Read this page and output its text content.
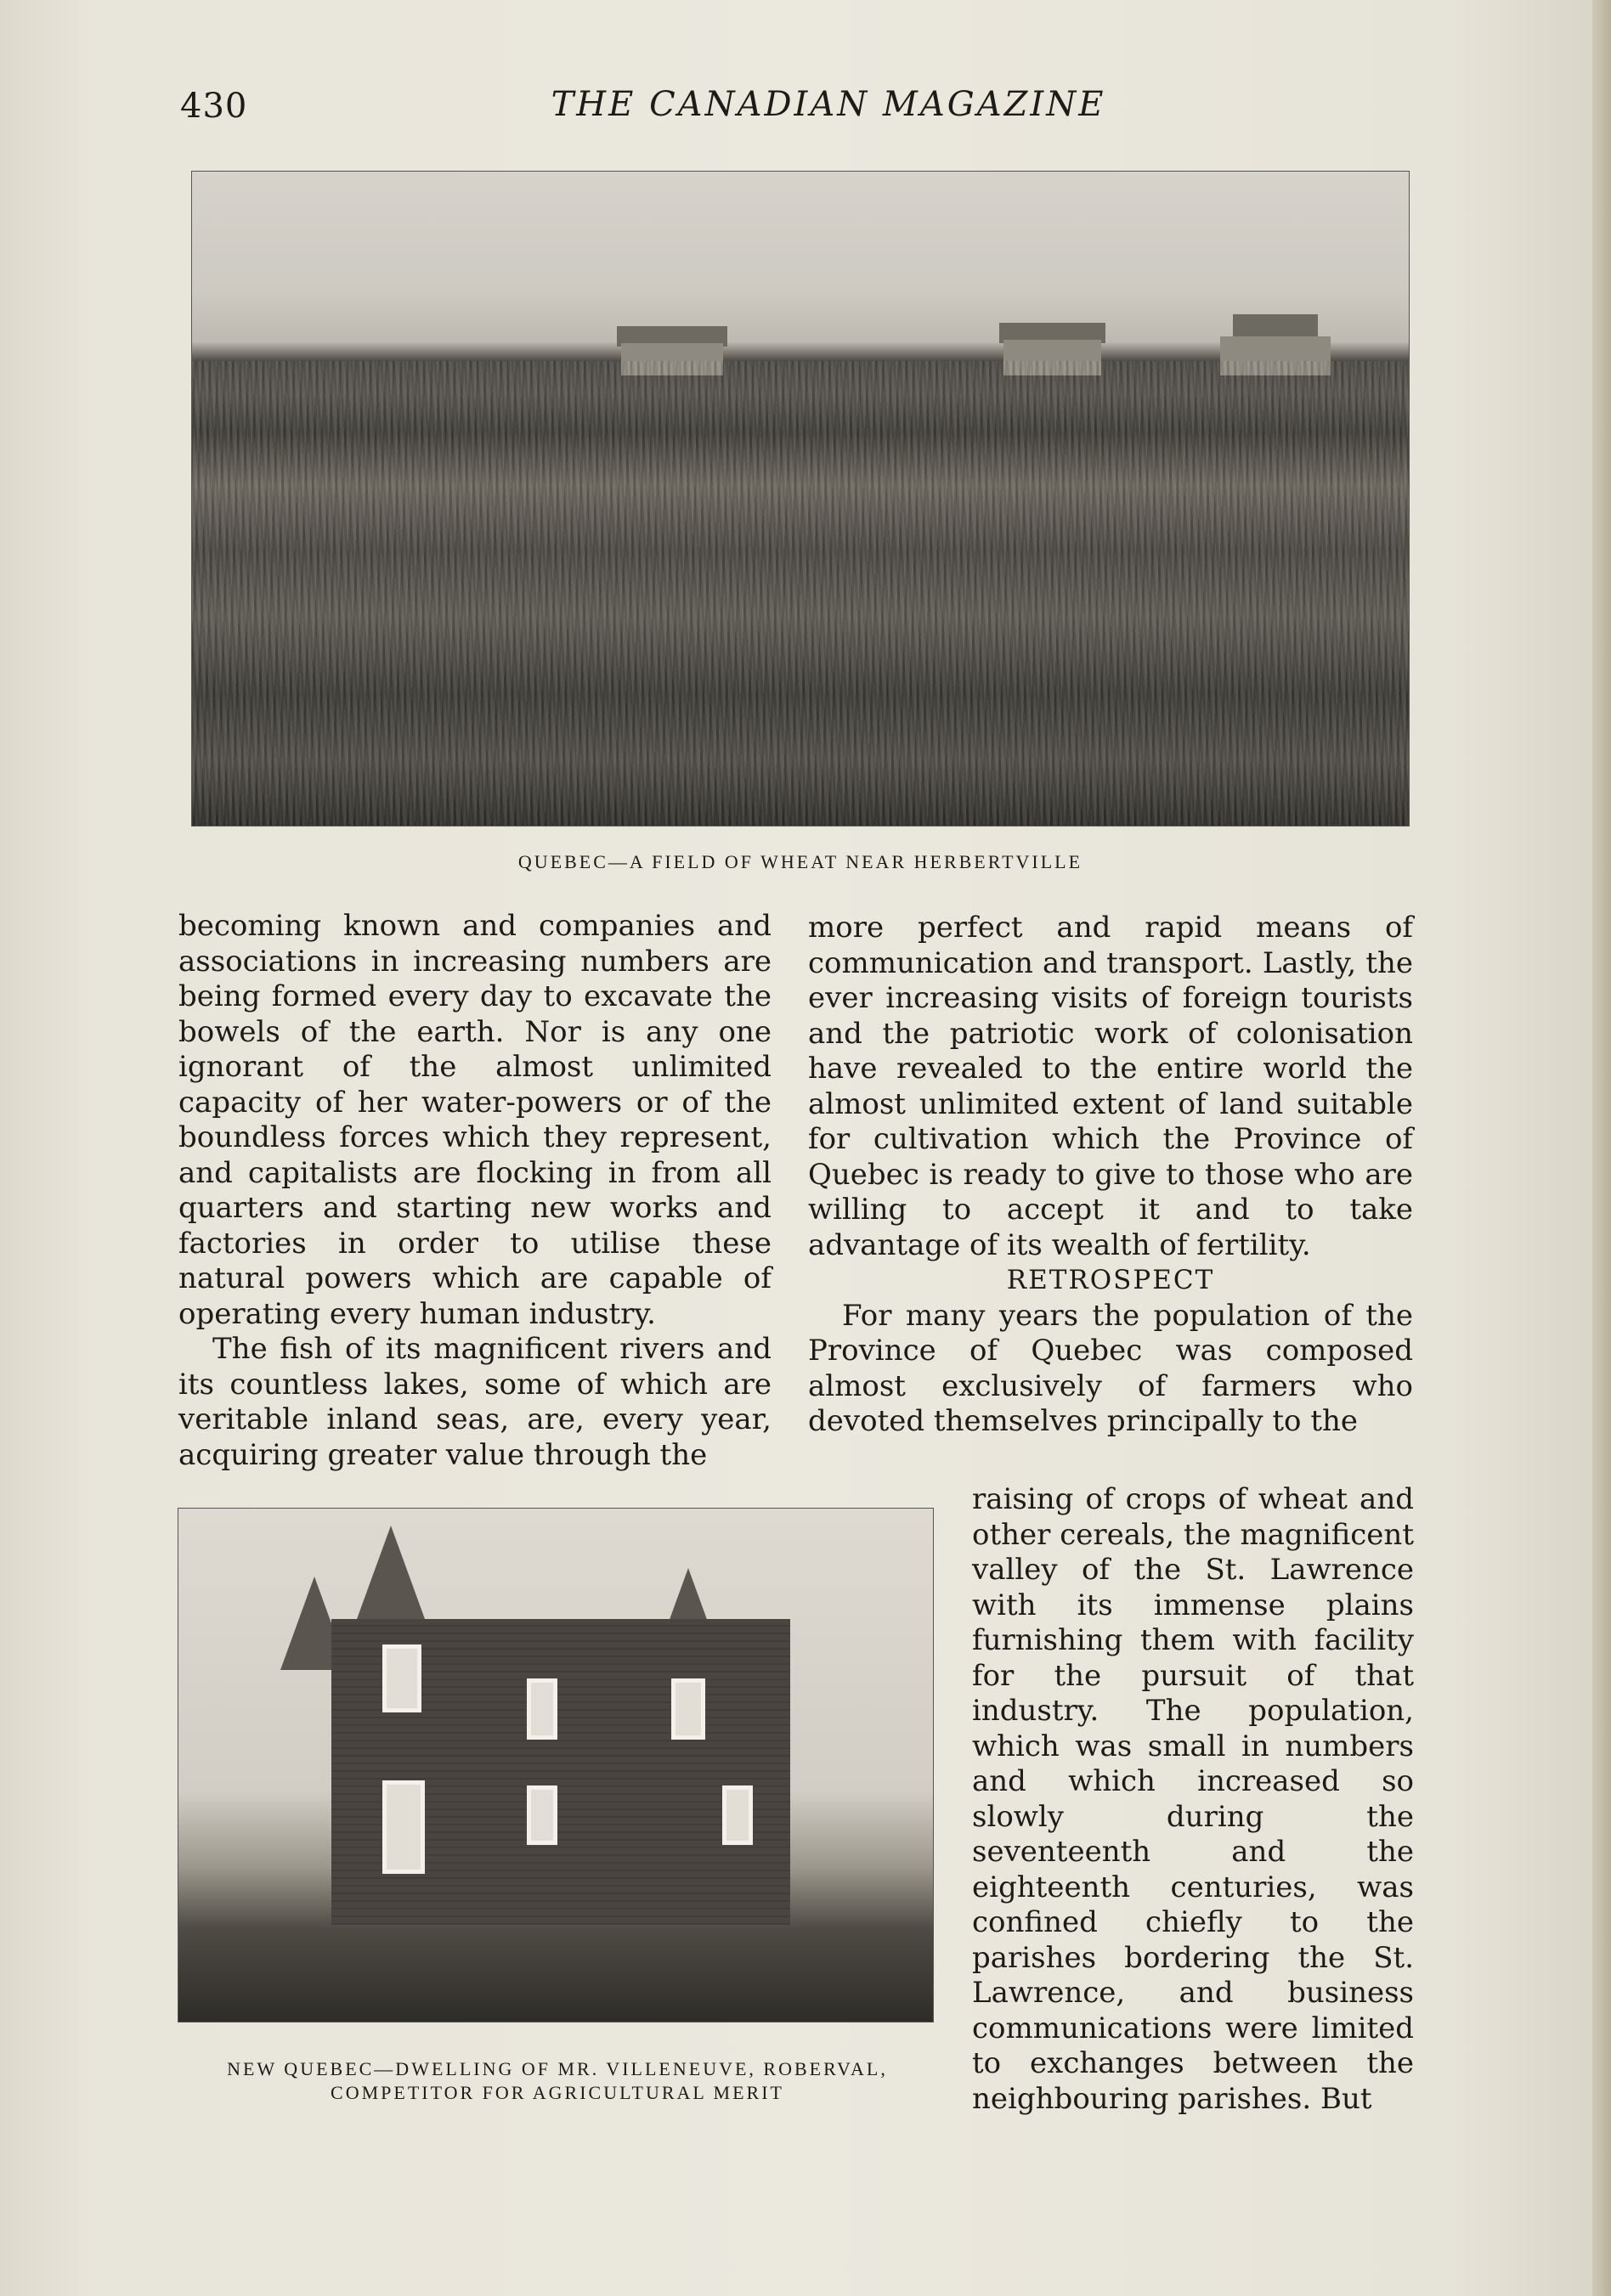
430	THE CANADIAN MAGAZINE
QUEBEC—A FIELD OF WHEAT NEAR HERBERTVILLE

becoming known and companies and associations in increasing numbers are being formed every day to excavate the bowels of the earth. Nor is any one ignorant of the almost unlimited capacity of her water-powers or of the boundless forces which they represent, and capitalists are flocking in from all quarters and starting new works and factories in order to utilise these natural powers which are capable of operating every human industry.

The fish of its magnificent rivers and its countless lakes, some of which are veritable inland seas, are, every year, acquiring greater value through the

more perfect and rapid means of communication and transport. Lastly, the ever increasing visits of foreign tourists and the patriotic work of colonisation have revealed to the entire world the almost unlimited extent of land suitable for cultivation which the Province of Quebec is ready to give to those who are willing to accept it and to take advantage of its wealth of fertility.

RETROSPECT

For many years the population of the Province of Quebec was composed almost exclusively of farmers who devoted themselves principally to the

raising of crops of wheat and other cereals, the magnificent valley of the St. Lawrence with its immense plains furnishing them with facility for the pursuit of that industry. The population, which was small in numbers and which increased so slowly during the seventeenth and the eighteenth centuries, was confined chiefly to the parishes bordering the St. Lawrence, and business communications were limited to exchanges between the neighbouring parishes. But

NEW QUEBEC—DWELLING OF MR. VILLENEUVE, ROBERVAL,
COMPETITOR FOR AGRICULTURAL MERIT
